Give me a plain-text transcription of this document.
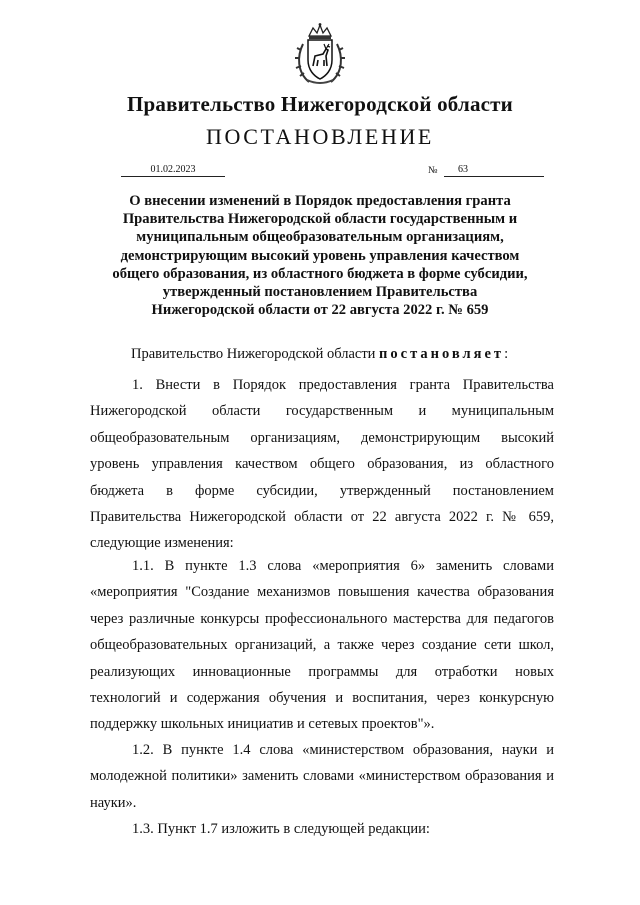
Правительство Нижегородской области
ПОСТАНОВЛЕНИЕ
01.02.2023	№	63
О внесении изменений в Порядок предоставления гранта Правительства Нижегородской области государственным и муниципальным общеобразовательным организациям, демонстрирующим высокий уровень управления качеством общего образования, из областного бюджета в форме субсидии, утвержденный постановлением Правительства Нижегородской области от 22 августа 2022 г. № 659
Правительство Нижегородской области постановляет:
1. Внести в Порядок предоставления гранта Правительства Нижегородской области государственным и муниципальным общеобразовательным организациям, демонстрирующим высокий уровень управления качеством общего образования, из областного бюджета в форме субсидии, утвержденный постановлением Правительства Нижегородской области от 22 августа 2022 г. № 659, следующие изменения:
1.1. В пункте 1.3 слова «мероприятия 6» заменить словами «мероприятия "Создание механизмов повышения качества образования через различные конкурсы профессионального мастерства для педагогов общеобразовательных организаций, а также через создание сети школ, реализующих инновационные программы для отработки новых технологий и содержания обучения и воспитания, через конкурсную поддержку школьных инициатив и сетевых проектов"».
1.2. В пункте 1.4 слова «министерством образования, науки и молодежной политики» заменить словами «министерством образования и науки».
1.3. Пункт 1.7 изложить в следующей редакции:
